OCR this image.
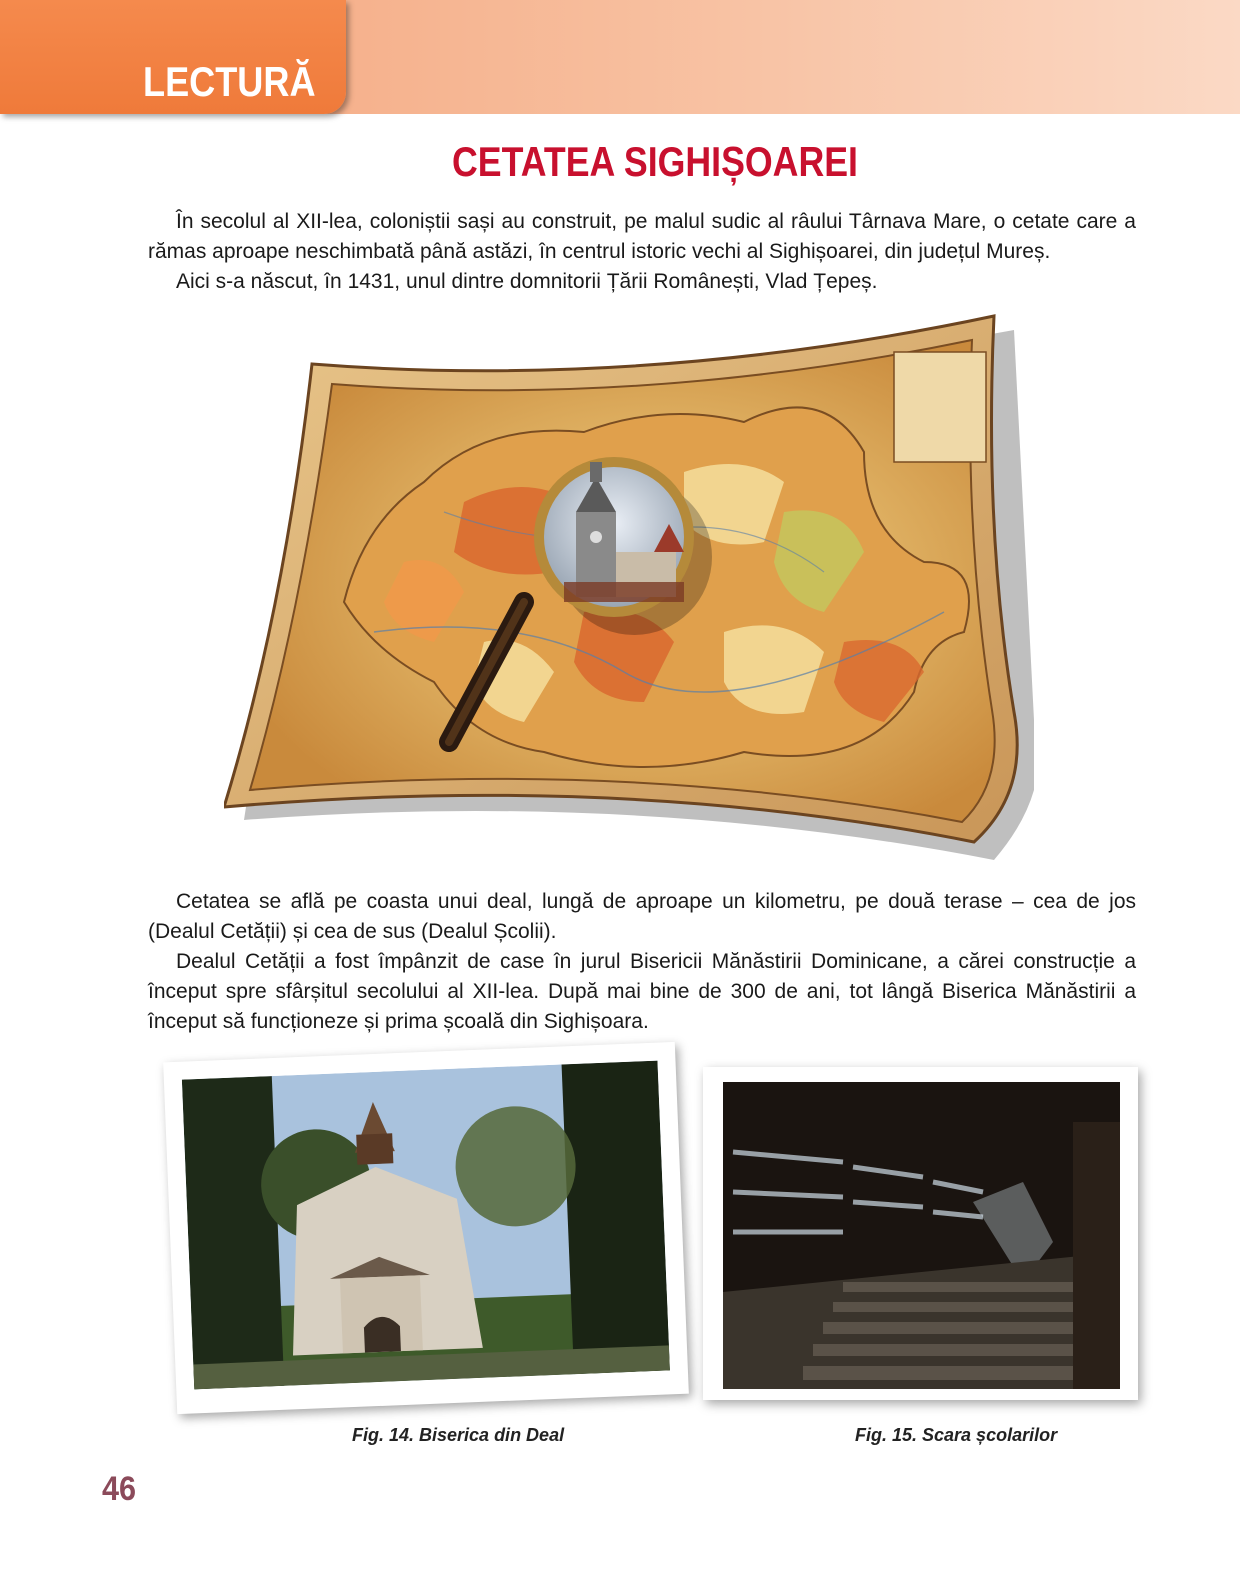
LECTURĂ
CETATEA SIGHIȘOAREI

În secolul al XII-lea, coloniștii sași au construit, pe malul sudic al râului Târnava Mare, o cetate care a rămas aproape neschimbată până astăzi, în centrul istoric vechi al Sighișoarei, din județul Mureș.

Aici s-a născut, în 1431, unul dintre domnitorii Țării Românești, Vlad Țepeș.

Cetatea se află pe coasta unui deal, lungă de aproape un kilometru, pe două terase – cea de jos (Dealul Cetății) și cea de sus (Dealul Școlii).

Dealul Cetății a fost împânzit de case în jurul Bisericii Mănăstirii Dominicane, a cărei construcție a început spre sfârșitul secolului al XII-lea. După mai bine de 300 de ani, tot lângă Biserica Mănăstirii a început să funcționeze și prima școală din Sighișoara.

Fig. 14. Biserica din Deal	Fig. 15. Scara școlarilor
46
